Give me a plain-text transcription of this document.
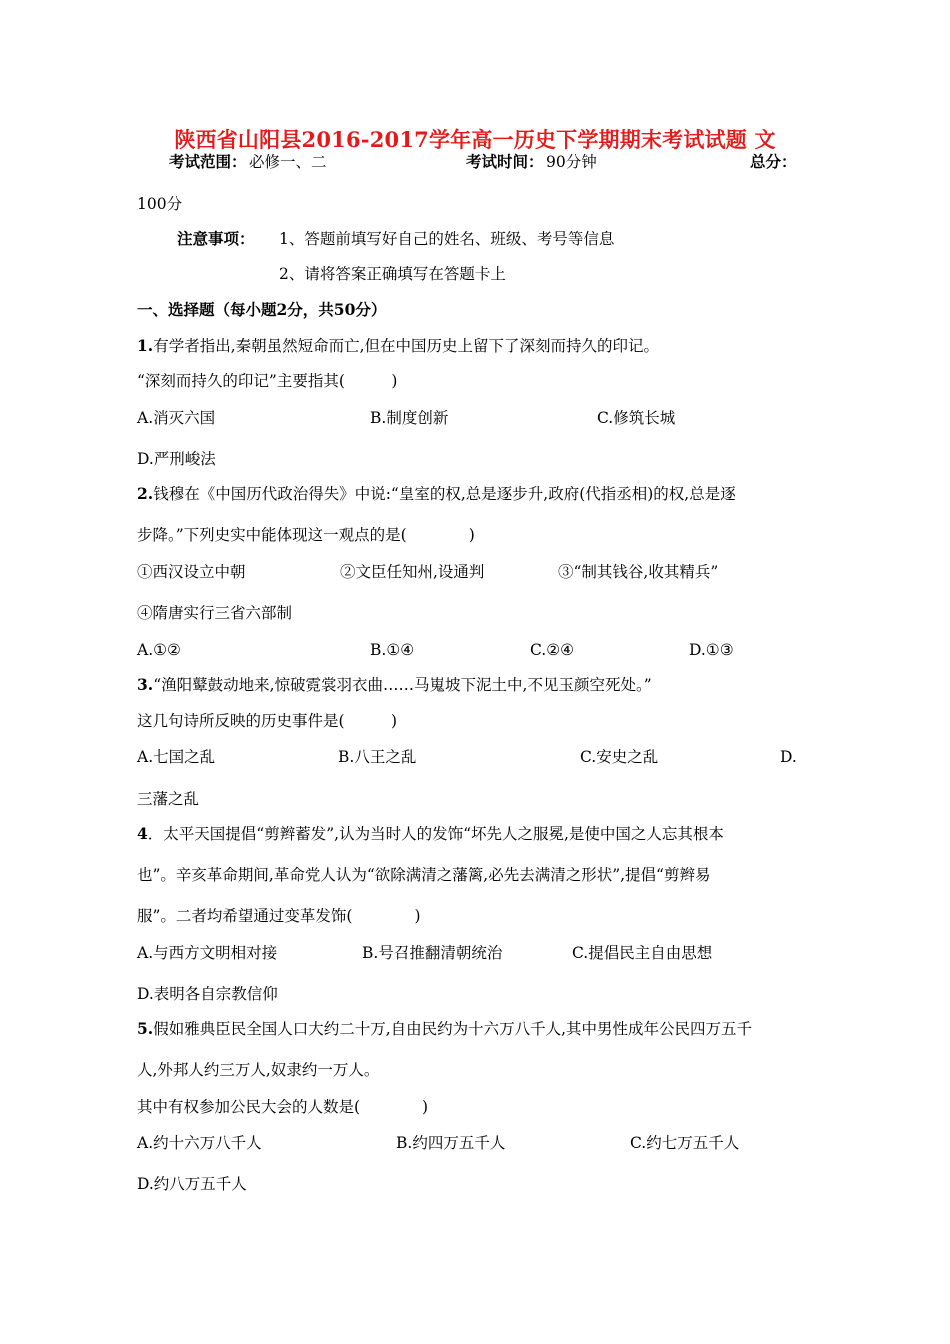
陕西省山阳县2016-2017学年高一历史下学期期末考试试题 文
考试范围： 必修一、二	考试时间： 90分钟	总分：
100分
注意事项： 1、答题前填写好自己的姓名、班级、考号等信息
2、请将答案正确填写在答题卡上
一、选择题（每小题2分，共50分）
1.有学者指出,秦朝虽然短命而亡,但在中国历史上留下了深刻而持久的印记。
“深刻而持久的印记”主要指其(　　　)
A.消灭六国	B.制度创新	C.修筑长城
D.严刑峻法
2.钱穆在《中国历代政治得失》中说:“皇室的权,总是逐步升,政府(代指丞相)的权,总是逐
步降。”下列史实中能体现这一观点的是(　　　　)
①西汉设立中朝	②文臣任知州,设通判	③“制其钱谷,收其精兵”
④隋唐实行三省六部制
A.①②	B.①④	C.②④	D.①③
3.“渔阳鼙鼓动地来,惊破霓裳羽衣曲……马嵬坡下泥土中,不见玉颜空死处。”
这几句诗所反映的历史事件是(　　　)
A.七国之乱	B.八王之乱	C.安史之乱	D.
三藩之乱
4．太平天国提倡“剪辫蓄发”,认为当时人的发饰“坏先人之服冕,是使中国之人忘其根本
也”。辛亥革命期间,革命党人认为“欲除满清之藩篱,必先去满清之形状”,提倡“剪辫易
服”。二者均希望通过变革发饰(　　　　)
A.与西方文明相对接	B.号召推翻清朝统治	C.提倡民主自由思想
D.表明各自宗教信仰
5.假如雅典臣民全国人口大约二十万,自由民约为十六万八千人,其中男性成年公民四万五千
人,外邦人约三万人,奴隶约一万人。
其中有权参加公民大会的人数是(　　　　)
A.约十六万八千人	B.约四万五千人	C.约七万五千人
D.约八万五千人
